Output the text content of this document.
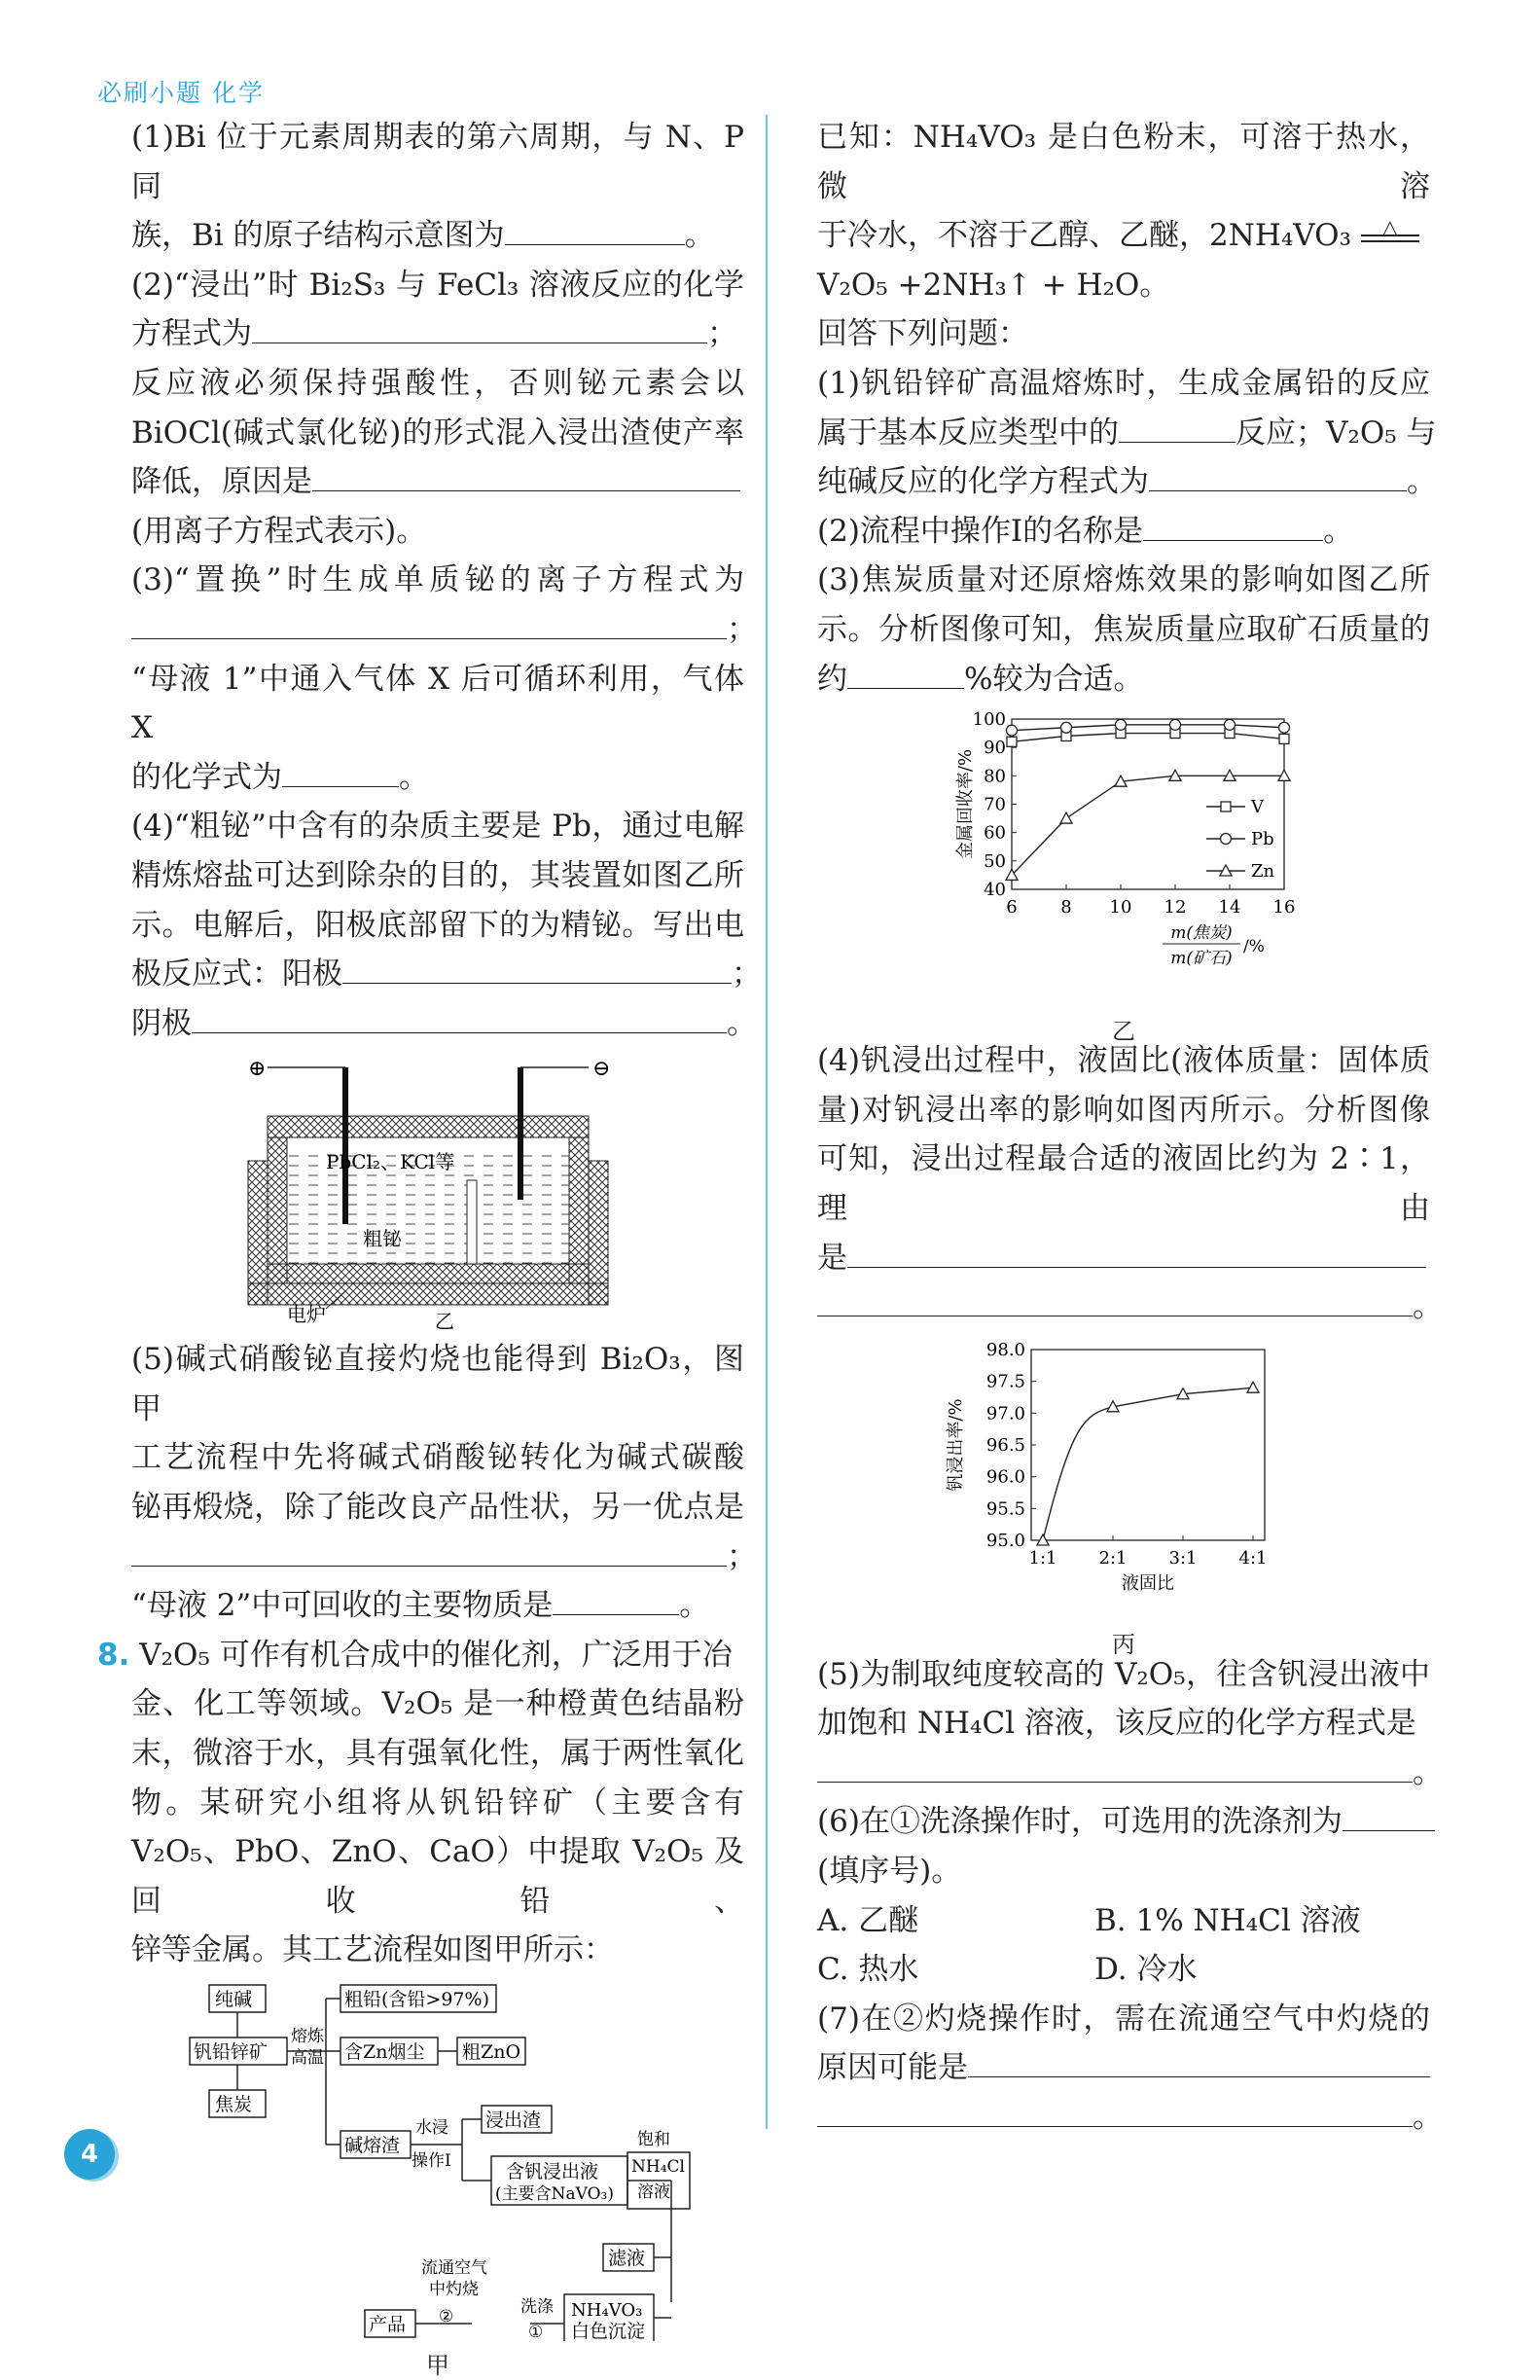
必刷小题 化学

(1)Bi 位于元素周期表的第六周期，与 N、P 同

族，Bi 的原子结构示意图为	。

(2)“浸出”时 Bi₂S₃ 与 FeCl₃ 溶液反应的化学

方程式为	；

反应液必须保持强酸性，否则铋元素会以

BiOCl(碱式氯化铋)的形式混入浸出渣使产率

降低，原因是

(用离子方程式表示)。

(3)“置换”时生成单质铋的离子方程式为

；

“母液 1”中通入气体 X 后可循环利用，气体 X

的化学式为	。

(4)“粗铋”中含有的杂质主要是 Pb，通过电解

精炼熔盐可达到除杂的目的，其装置如图乙所

示。电解后，阳极底部留下的为精铋。写出电

极反应式：阳极	；

阴极	。

⊕	⊖
PbCl₂、KCl等
粗铋
电炉	乙

(5)碱式硝酸铋直接灼烧也能得到 Bi₂O₃，图甲

工艺流程中先将碱式硝酸铋转化为碱式碳酸

铋再煅烧，除了能改良产品性状，另一优点是

；

“母液 2”中可回收的主要物质是	。

8. V₂O₅ 可作有机合成中的催化剂，广泛用于冶

金、化工等领域。V₂O₅ 是一种橙黄色结晶粉

末，微溶于水，具有强氧化性，属于两性氧化

物。某研究小组将从钒铅锌矿（主要含有

V₂O₅、PbO、ZnO、CaO）中提取 V₂O₅ 及回收铅、

锌等金属。其工艺流程如图甲所示：

纯碱
钒铅锌矿
焦炭
熔炼
高温
粗铅(含铅>97%)
含Zn烟尘 粗ZnO
碱熔渣
水浸
操作Ⅰ
浸出渣
含钒浸出液
(主要含NaVO₃)
饱和
NH₄Cl
溶液
滤液
NH₄VO₃
白色沉淀
洗涤
①
流通空气
中灼烧
②
产品
甲

已知：NH₄VO₃ 是白色粉末，可溶于热水，微溶

于冷水，不溶于乙醇、乙醚，2NH₄VO₃ △

V₂O₅ +2NH₃↑ + H₂O。

回答下列问题：

(1)钒铅锌矿高温熔炼时，生成金属铅的反应

属于基本反应类型中的	反应；V₂O₅ 与

纯碱反应的化学方程式为	。

(2)流程中操作Ⅰ的名称是	。

(3)焦炭质量对还原熔炼效果的影响如图乙所

示。分析图像可知，焦炭质量应取矿石质量的

约	%较为合适。

40
50
60
70
80
90
100
6 8 10 12 14 16
金属回收率/%
m(焦炭)
m(矿石)
/%
V
Pb
Zn
乙

(4)钒浸出过程中，液固比(液体质量：固体质

量)对钒浸出率的影响如图丙所示。分析图像

可知，浸出过程最合适的液固比约为 2∶1，理由

是

。

95.0
95.5
96.0
96.5
97.0
97.5
98.0
1:1 2:1 3:1 4:1
钒浸出率/%
液固比
丙

(5)为制取纯度较高的 V₂O₅，往含钒浸出液中

加饱和 NH₄Cl 溶液，该反应的化学方程式是

。

(6)在①洗涤操作时，可选用的洗涤剂为

(填序号)。

A. 乙醚	B. 1% NH₄Cl 溶液

C. 热水	D. 冷水

(7)在②灼烧操作时，需在流通空气中灼烧的

原因可能是

。

4
